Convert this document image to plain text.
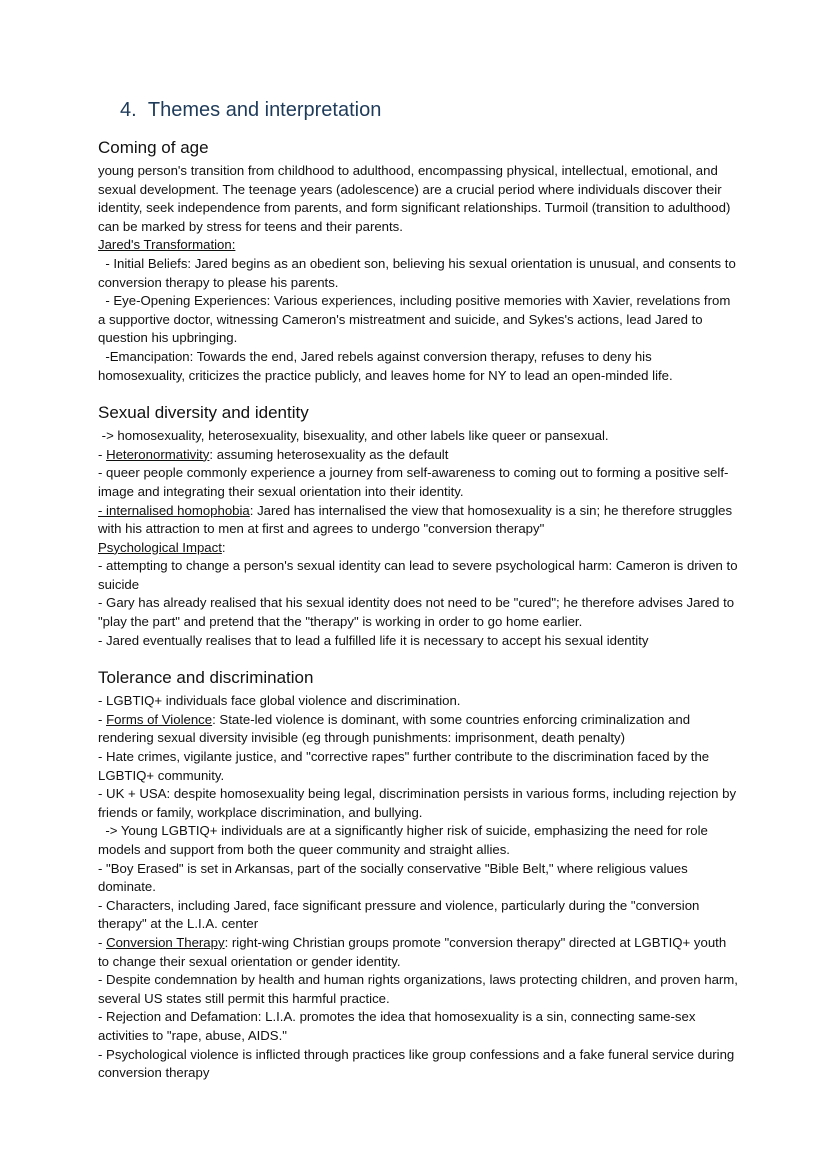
4. Themes and interpretation
Coming of age

young person's transition from childhood to adulthood, encompassing physical, intellectual, emotional, and sexual development. The teenage years (adolescence) are a crucial period where individuals discover their identity, seek independence from parents, and form significant relationships. Turmoil (transition to adulthood) can be marked by stress for teens and their parents.

Jared's Transformation:

- Initial Beliefs: Jared begins as an obedient son, believing his sexual orientation is unusual, and consents to conversion therapy to please his parents.

- Eye-Opening Experiences: Various experiences, including positive memories with Xavier, revelations from a supportive doctor, witnessing Cameron's mistreatment and suicide, and Sykes's actions, lead Jared to question his upbringing.

-Emancipation: Towards the end, Jared rebels against conversion therapy, refuses to deny his homosexuality, criticizes the practice publicly, and leaves home for NY to lead an open-minded life.

Sexual diversity and identity

-> homosexuality, heterosexuality, bisexuality, and other labels like queer or pansexual.

- Heteronormativity: assuming heterosexuality as the default

- queer people commonly experience a journey from self-awareness to coming out to forming a positive self-image and integrating their sexual orientation into their identity.

- internalised homophobia: Jared has internalised the view that homosexuality is a sin; he therefore struggles with his attraction to men at first and agrees to undergo "conversion therapy"

Psychological Impact:

- attempting to change a person's sexual identity can lead to severe psychological harm: Cameron is driven to suicide

- Gary has already realised that his sexual identity does not need to be "cured"; he therefore advises Jared to "play the part" and pretend that the "therapy" is working in order to go home earlier.

- Jared eventually realises that to lead a fulfilled life it is necessary to accept his sexual identity

Tolerance and discrimination

- LGBTIQ+ individuals face global violence and discrimination.

- Forms of Violence: State-led violence is dominant, with some countries enforcing criminalization and rendering sexual diversity invisible (eg through punishments: imprisonment, death penalty)

- Hate crimes, vigilante justice, and "corrective rapes" further contribute to the discrimination faced by the LGBTIQ+ community.

- UK + USA: despite homosexuality being legal, discrimination persists in various forms, including rejection by friends or family, workplace discrimination, and bullying.

-> Young LGBTIQ+ individuals are at a significantly higher risk of suicide, emphasizing the need for role models and support from both the queer community and straight allies.

- "Boy Erased" is set in Arkansas, part of the socially conservative "Bible Belt," where religious values dominate.

- Characters, including Jared, face significant pressure and violence, particularly during the "conversion therapy" at the L.I.A. center

- Conversion Therapy: right-wing Christian groups promote "conversion therapy" directed at LGBTIQ+ youth to change their sexual orientation or gender identity.

- Despite condemnation by health and human rights organizations, laws protecting children, and proven harm, several US states still permit this harmful practice.

- Rejection and Defamation: L.I.A. promotes the idea that homosexuality is a sin, connecting same-sex activities to "rape, abuse, AIDS."

- Psychological violence is inflicted through practices like group confessions and a fake funeral service during conversion therapy
